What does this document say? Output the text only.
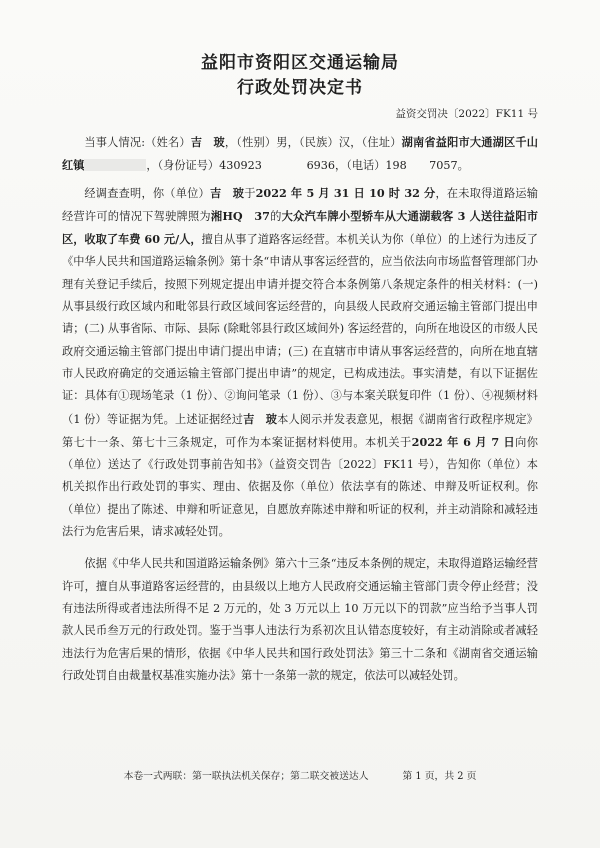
益阳市资阳区交通运输局
行政处罚决定书
益资交罚决〔2022〕FK11 号

当事人情况:（姓名）吉　玻，（性别）男，（民族）汉，（住址）湖南省益阳市大通湖区千山红镇	，（身份证号）430923　　　　6936，（电话）198　　7057。

经调查查明，你（单位）吉　玻于2022 年 5 月 31 日 10 时 32 分，在未取得道路运输经营许可的情况下驾驶牌照为湘HQ　37的大众汽车牌小型轿车从大通湖载客 3 人送往益阳市区，收取了车费 60 元/人，擅自从事了道路客运经营。本机关认为你（单位）的上述行为违反了《中华人民共和国道路运输条例》第十条“申请从事客运经营的，应当依法向市场监督管理部门办理有关登记手续后，按照下列规定提出申请并提交符合本条例第八条规定条件的相关材料：(一) 从事县级行政区域内和毗邻县行政区域间客运经营的，向县级人民政府交通运输主管部门提出申请；(二) 从事省际、市际、县际 (除毗邻县行政区域间外) 客运经营的，向所在地设区的市级人民政府交通运输主管部门提出申请门提出申请；(三) 在直辖市申请从事客运经营的，向所在地直辖市人民政府确定的交通运输主管部门提出申请”的规定，已构成违法。事实清楚，有以下证据佐证：具体有①现场笔录（1 份）、②询问笔录（1 份）、③与本案关联复印件（1 份）、④视频材料（1 份）等证据为凭。上述证据经过吉　玻本人阅示并发表意见，根据《湖南省行政程序规定》第七十一条、第七十三条规定，可作为本案证据材料使用。本机关于2022 年 6 月 7 日向你（单位）送达了《行政处罚事前告知书》（益资交罚告〔2022〕FK11 号），告知你（单位）本机关拟作出行政处罚的事实、理由、依据及你（单位）依法享有的陈述、申辩及听证权利。你（单位）提出了陈述、申辩和听证意见，自愿放弃陈述申辩和听证的权利，并主动消除和减轻违法行为危害后果，请求减轻处罚。

依据《中华人民共和国道路运输条例》第六十三条“违反本条例的规定，未取得道路运输经营许可，擅自从事道路客运经营的，由县级以上地方人民政府交通运输主管部门责令停止经营；没有违法所得或者违法所得不足 2 万元的，处 3 万元以上 10 万元以下的罚款”应当给予当事人罚款人民币叁万元的行政处罚。鉴于当事人违法行为系初次且认错态度较好，有主动消除或者减轻违法行为危害后果的情形，依据《中华人民共和国行政处罚法》第三十二条和《湖南省交通运输行政处罚自由裁量权基准实施办法》第十一条第一款的规定，依法可以减轻处罚。

本卷一式两联：第一联执法机关保存；第二联交被送达人	第 1 页，共 2 页
